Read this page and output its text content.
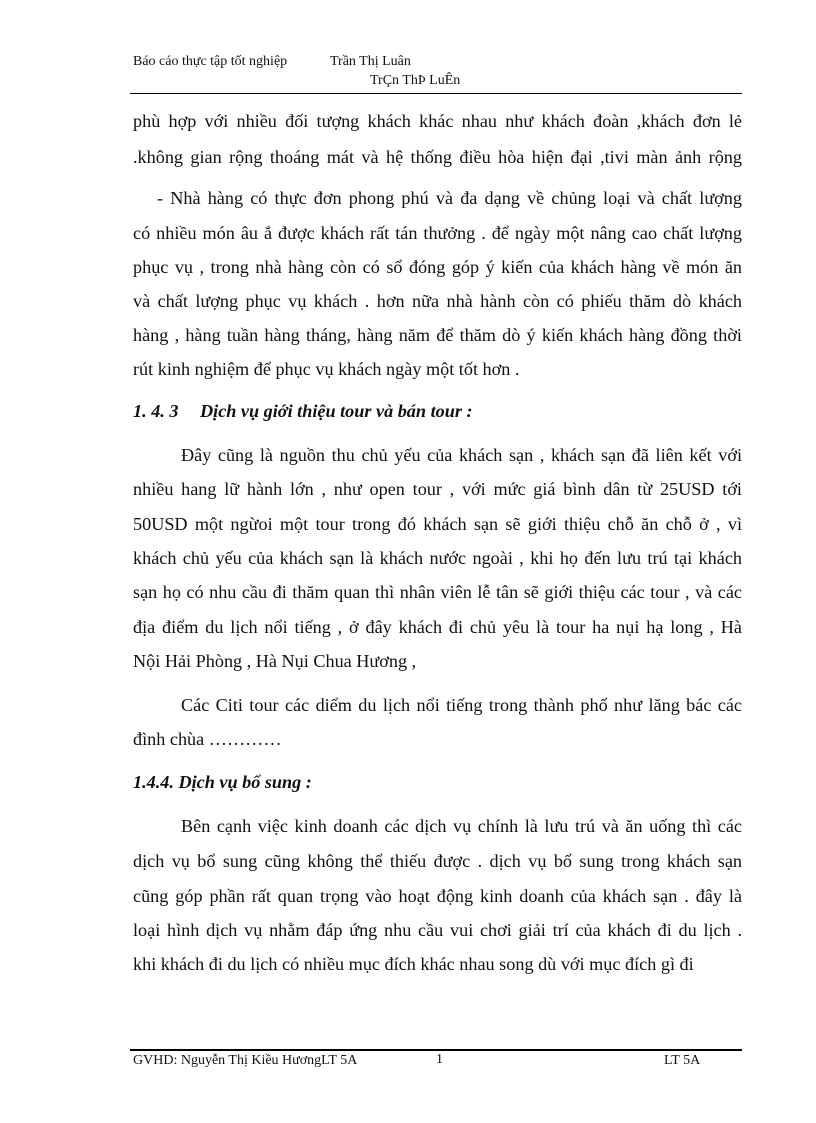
Báo cáo thực tập tốt nghiệp	Trần Thị Luân
TrÇn ThÞ LuÊn
phù hợp với nhiều đối tượng khách khác nhau như khách đoàn ,khách đơn lẻ
.không gian rộng thoáng mát và hệ thống điều hòa hiện đại ,tivi màn ảnh rộng
- Nhà hàng có thực đơn phong phú và đa dạng về chủng loại và chất lượng
có nhiều món âu ắ được khách rất tán thưởng . để ngày một nâng cao chất lượng
phục vụ , trong nhà hàng còn có sổ đóng góp ý kiến của khách hàng về món ăn
và chất lượng phục vụ khách . hơn nữa nhà hành còn có phiếu thăm dò khách
hàng , hàng tuần hàng tháng, hàng năm để thăm dò ý kiến khách hàng đồng thời
rút kinh nghiệm để phục vụ khách ngày một tốt hơn .
1. 4. 3 Dịch vụ giới thiệu tour và bán tour :
Đây cũng là nguồn thu chủ yếu của khách sạn , khách sạn đã liên kết với
nhiều hang lữ hành lớn , như open tour , với mức giá bình dân từ 25USD tới
50USD một ngừoi một tour trong đó khách sạn sẽ giới thiệu chỗ ăn chỗ ở , vì
khách chủ yếu của khách sạn là khách nước ngoài , khi họ đến lưu trú tại khách
sạn họ có nhu cầu đi thăm quan thì nhân viên lễ tân sẽ giới thiệu các tour , và các
địa điểm du lịch nổi tiếng , ở đây khách đi chủ yêu là tour ha nụi hạ long , Hà
Nội Hải Phòng , Hà Nụi Chua Hương ,
Các Citi tour các diểm du lịch nổi tiếng trong thành phố như lăng bác các
đình chùa …………
1.4.4. Dịch vụ bổ sung :
Bên cạnh việc kinh doanh các dịch vụ chính là lưu trú và ăn uống thì các
dịch vụ bổ sung cũng không thể thiếu được . dịch vụ bổ sung trong khách sạn
cũng góp phần rất quan trọng vào hoạt động kinh doanh của khách sạn . đây là
loại hình dịch vụ nhằm đáp ứng nhu cầu vui chơi giải trí của khách đi du lịch .
khi khách đi du lịch có nhiều mục đích khác nhau song dù với mục đích gì đi
GVHD: Nguyễn Thị Kiều HươngLT 5A	1	LT 5A
